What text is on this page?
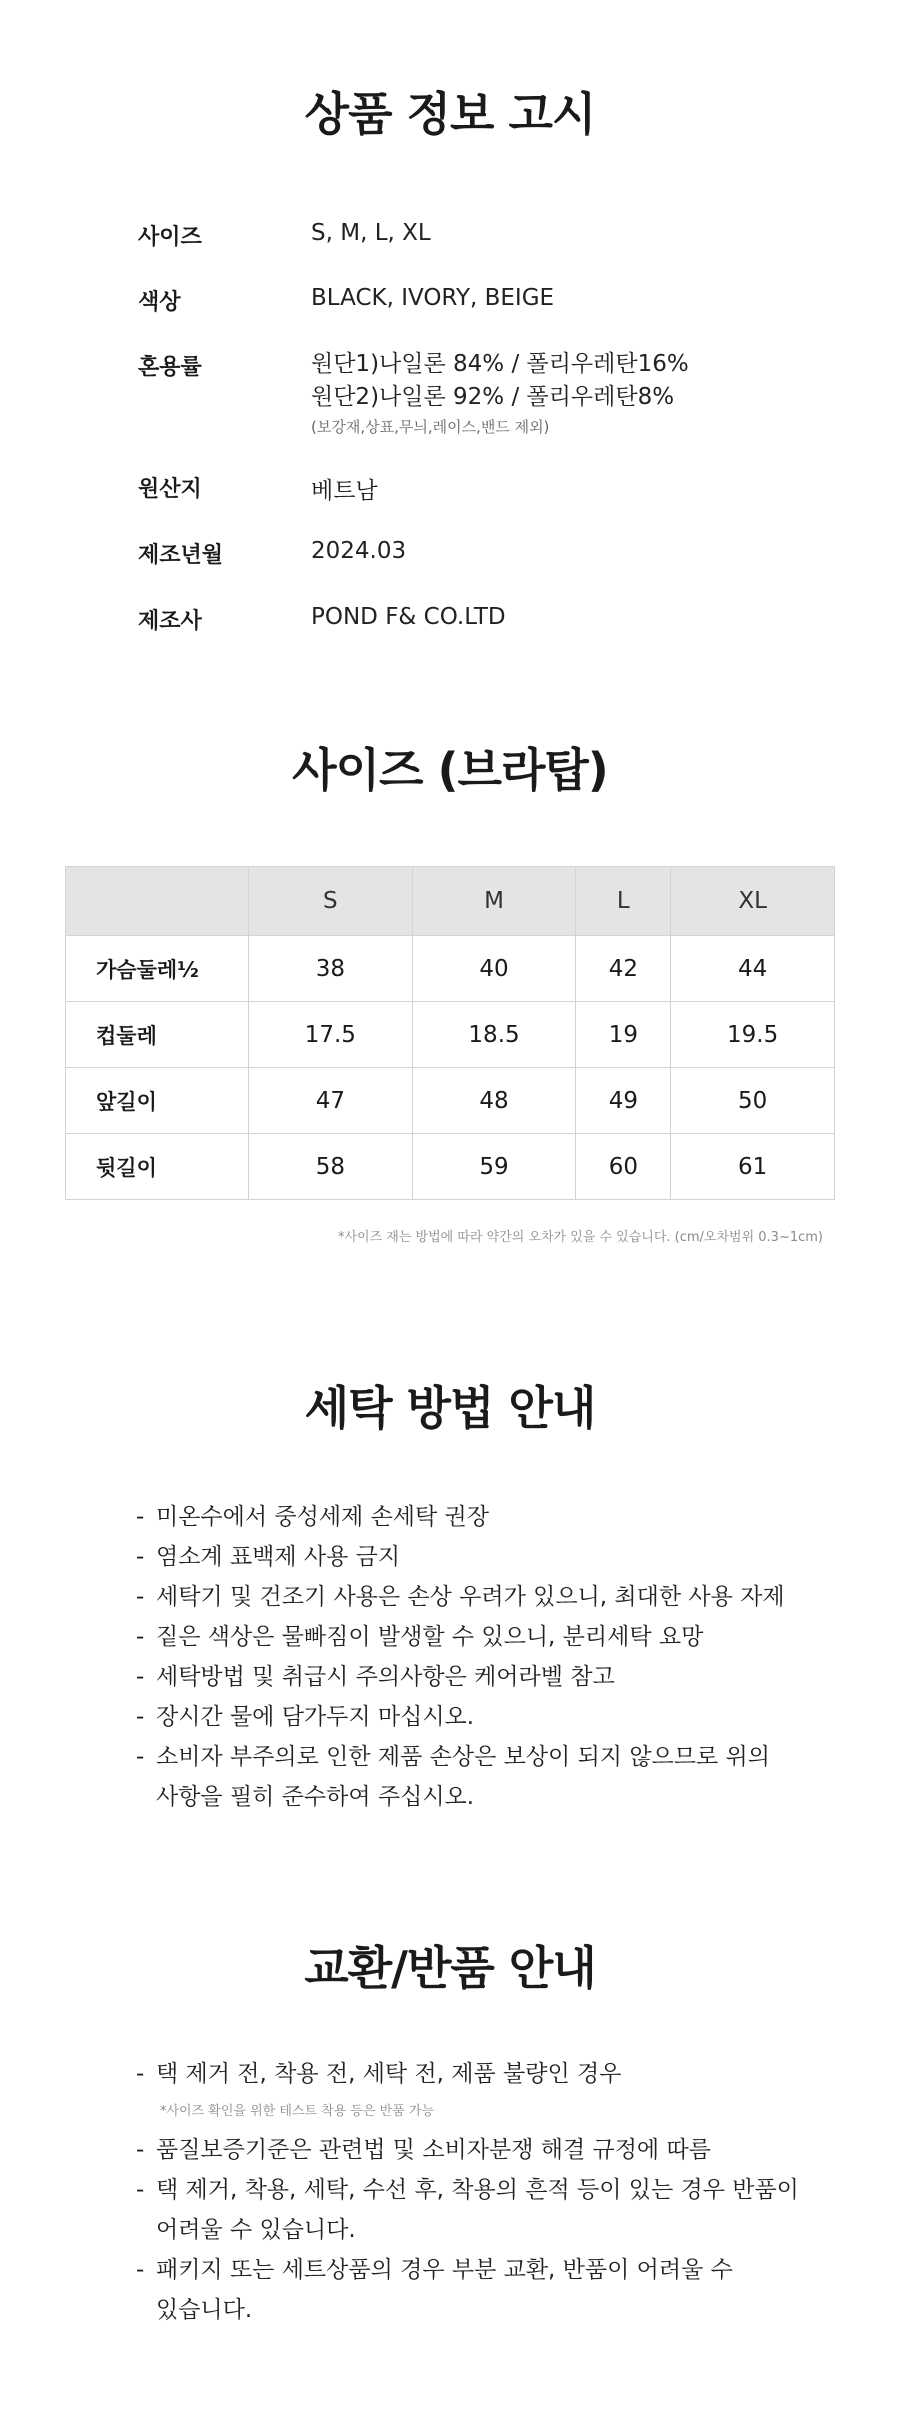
상품 정보 고시
사이즈	S, M, L, XL
색상	BLACK, IVORY, BEIGE
혼용률	원단1)나일론 84% / 폴리우레탄16%
원단2)나일론 92% / 폴리우레탄8%
(보강재,상표,무늬,레이스,밴드 제외)
원산지	베트남
제조년월	2024.03
제조사	POND F& CO.LTD
사이즈 (브라탑)
	S	M	L	XL
가슴둘레½	38	40	42	44
컵둘레	17.5	18.5	19	19.5
앞길이	47	48	49	50
뒷길이	58	59	60	61
*사이즈 재는 방법에 따라 약간의 오차가 있을 수 있습니다. (cm/오차범위 0.3~1cm)
세탁 방법 안내
- 미온수에서 중성세제 손세탁 권장
- 염소계 표백제 사용 금지
- 세탁기 및 건조기 사용은 손상 우려가 있으니, 최대한 사용 자제
- 짙은 색상은 물빠짐이 발생할 수 있으니, 분리세탁 요망
- 세탁방법 및 취급시 주의사항은 케어라벨 참고
- 장시간 물에 담가두지 마십시오.
- 소비자 부주의로 인한 제품 손상은 보상이 되지 않으므로 위의
사항을 필히 준수하여 주십시오.
교환/반품 안내
- 택 제거 전, 착용 전, 세탁 전, 제품 불량인 경우
*사이즈 확인을 위한 테스트 착용 등은 반품 가능
- 품질보증기준은 관련법 및 소비자분쟁 해결 규정에 따름
- 택 제거, 착용, 세탁, 수선 후, 착용의 흔적 등이 있는 경우 반품이
어려울 수 있습니다.
- 패키지 또는 세트상품의 경우 부분 교환, 반품이 어려울 수
있습니다.
